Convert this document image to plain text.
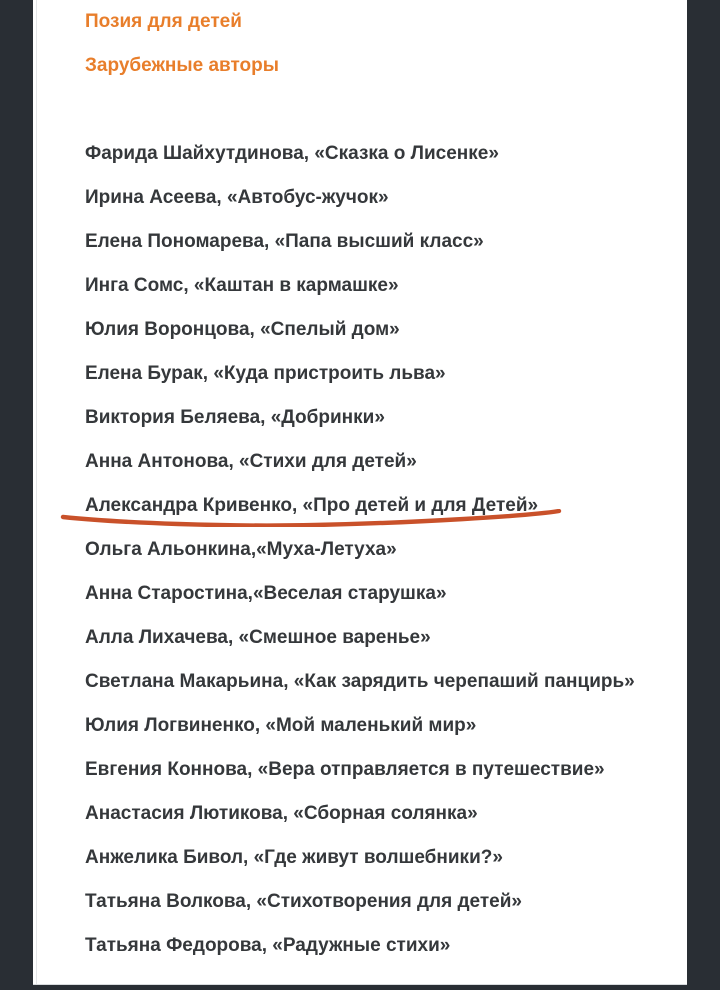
Позия для детей

Зарубежные авторы

Фарида Шайхутдинова, «Сказка о Лисенке»

Ирина Асеева, «Автобус-жучок»

Елена Пономарева, «Папа высший класс»

Инга Сомс, «Каштан в кармашке»

Юлия Воронцова, «Спелый дом»

Елена Бурак, «Куда пристроить льва»

Виктория Беляева, «Добринки»

Анна Антонова, «Стихи для детей»

Александра Кривенко, «Про детей и для Детей»

Ольга Альонкина,«Муха-Летуха»

Анна Старостина,«Веселая старушка»

Алла Лихачева, «Смешное варенье»

Светлана Макарьина, «Как зарядить черепаший панцирь»

Юлия Логвиненко, «Мой маленький мир»

Евгения Коннова, «Вера отправляется в путешествие»

Анастасия Лютикова, «Сборная солянка»

Анжелика Бивол, «Где живут волшебники?»

Татьяна Волкова, «Стихотворения для детей»

Татьяна Федорова, «Радужные стихи»
